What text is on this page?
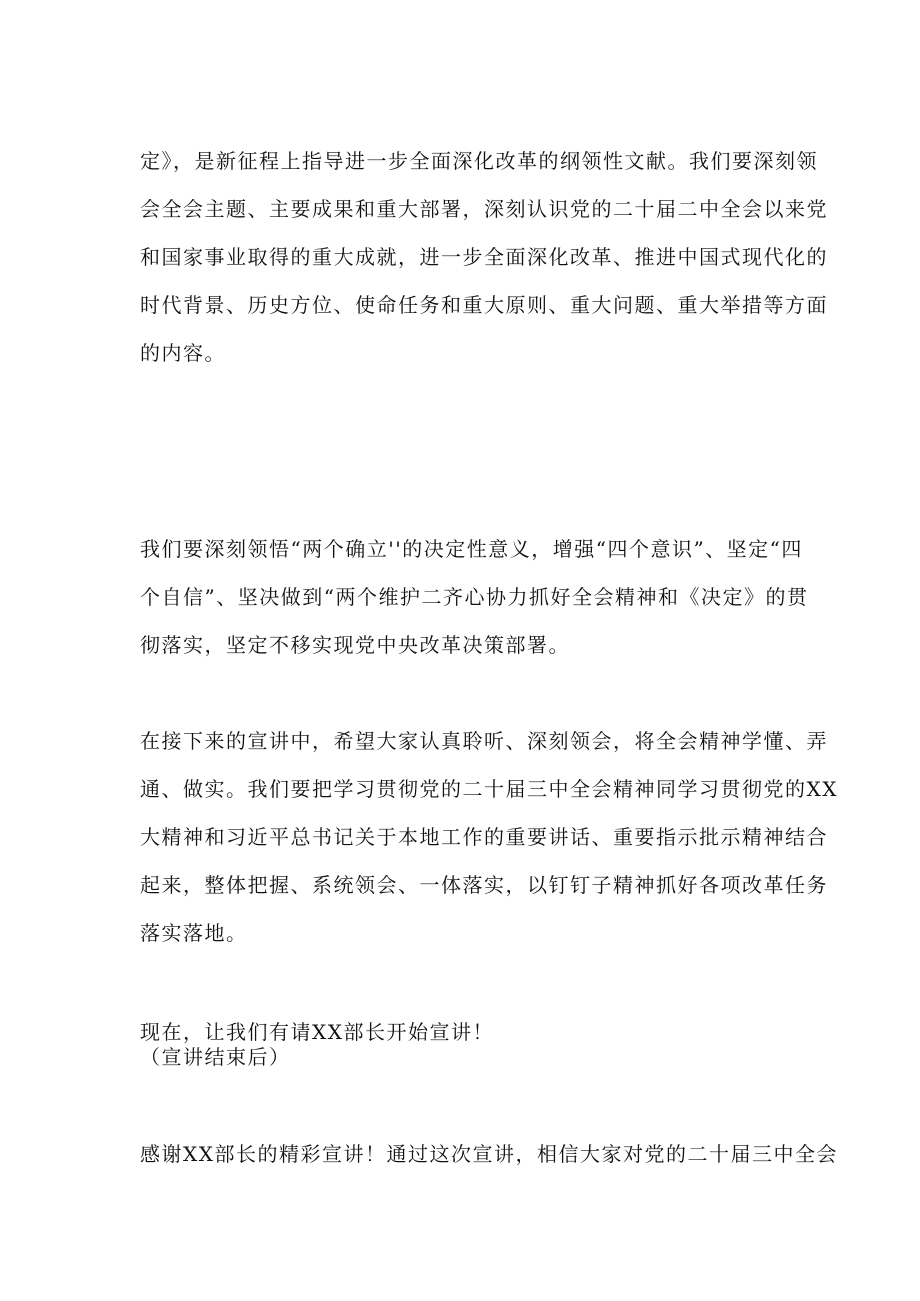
定》，是新征程上指导进一步全面深化改革的纲领性文献。我们要深刻领
会全会主题、主要成果和重大部署，深刻认识党的二十届二中全会以来党
和国家事业取得的重大成就，进一步全面深化改革、推进中国式现代化的
时代背景、历史方位、使命任务和重大原则、重大问题、重大举措等方面
的内容。
我们要深刻领悟“两个确立''的决定性意义，增强“四个意识”、坚定“四
个自信”、坚决做到“两个维护二齐心协力抓好全会精神和《决定》的贯
彻落实，坚定不移实现党中央改革决策部署。
在接下来的宣讲中，希望大家认真聆听、深刻领会，将全会精神学懂、弄
通、做实。我们要把学习贯彻党的二十届三中全会精神同学习贯彻党的XX
大精神和习近平总书记关于本地工作的重要讲话、重要指示批示精神结合
起来，整体把握、系统领会、一体落实，以钉钉子精神抓好各项改革任务
落实落地。
现在，让我们有请XX部长开始宣讲！
（宣讲结束后）
感谢XX部长的精彩宣讲！通过这次宣讲，相信大家对党的二十届三中全会
